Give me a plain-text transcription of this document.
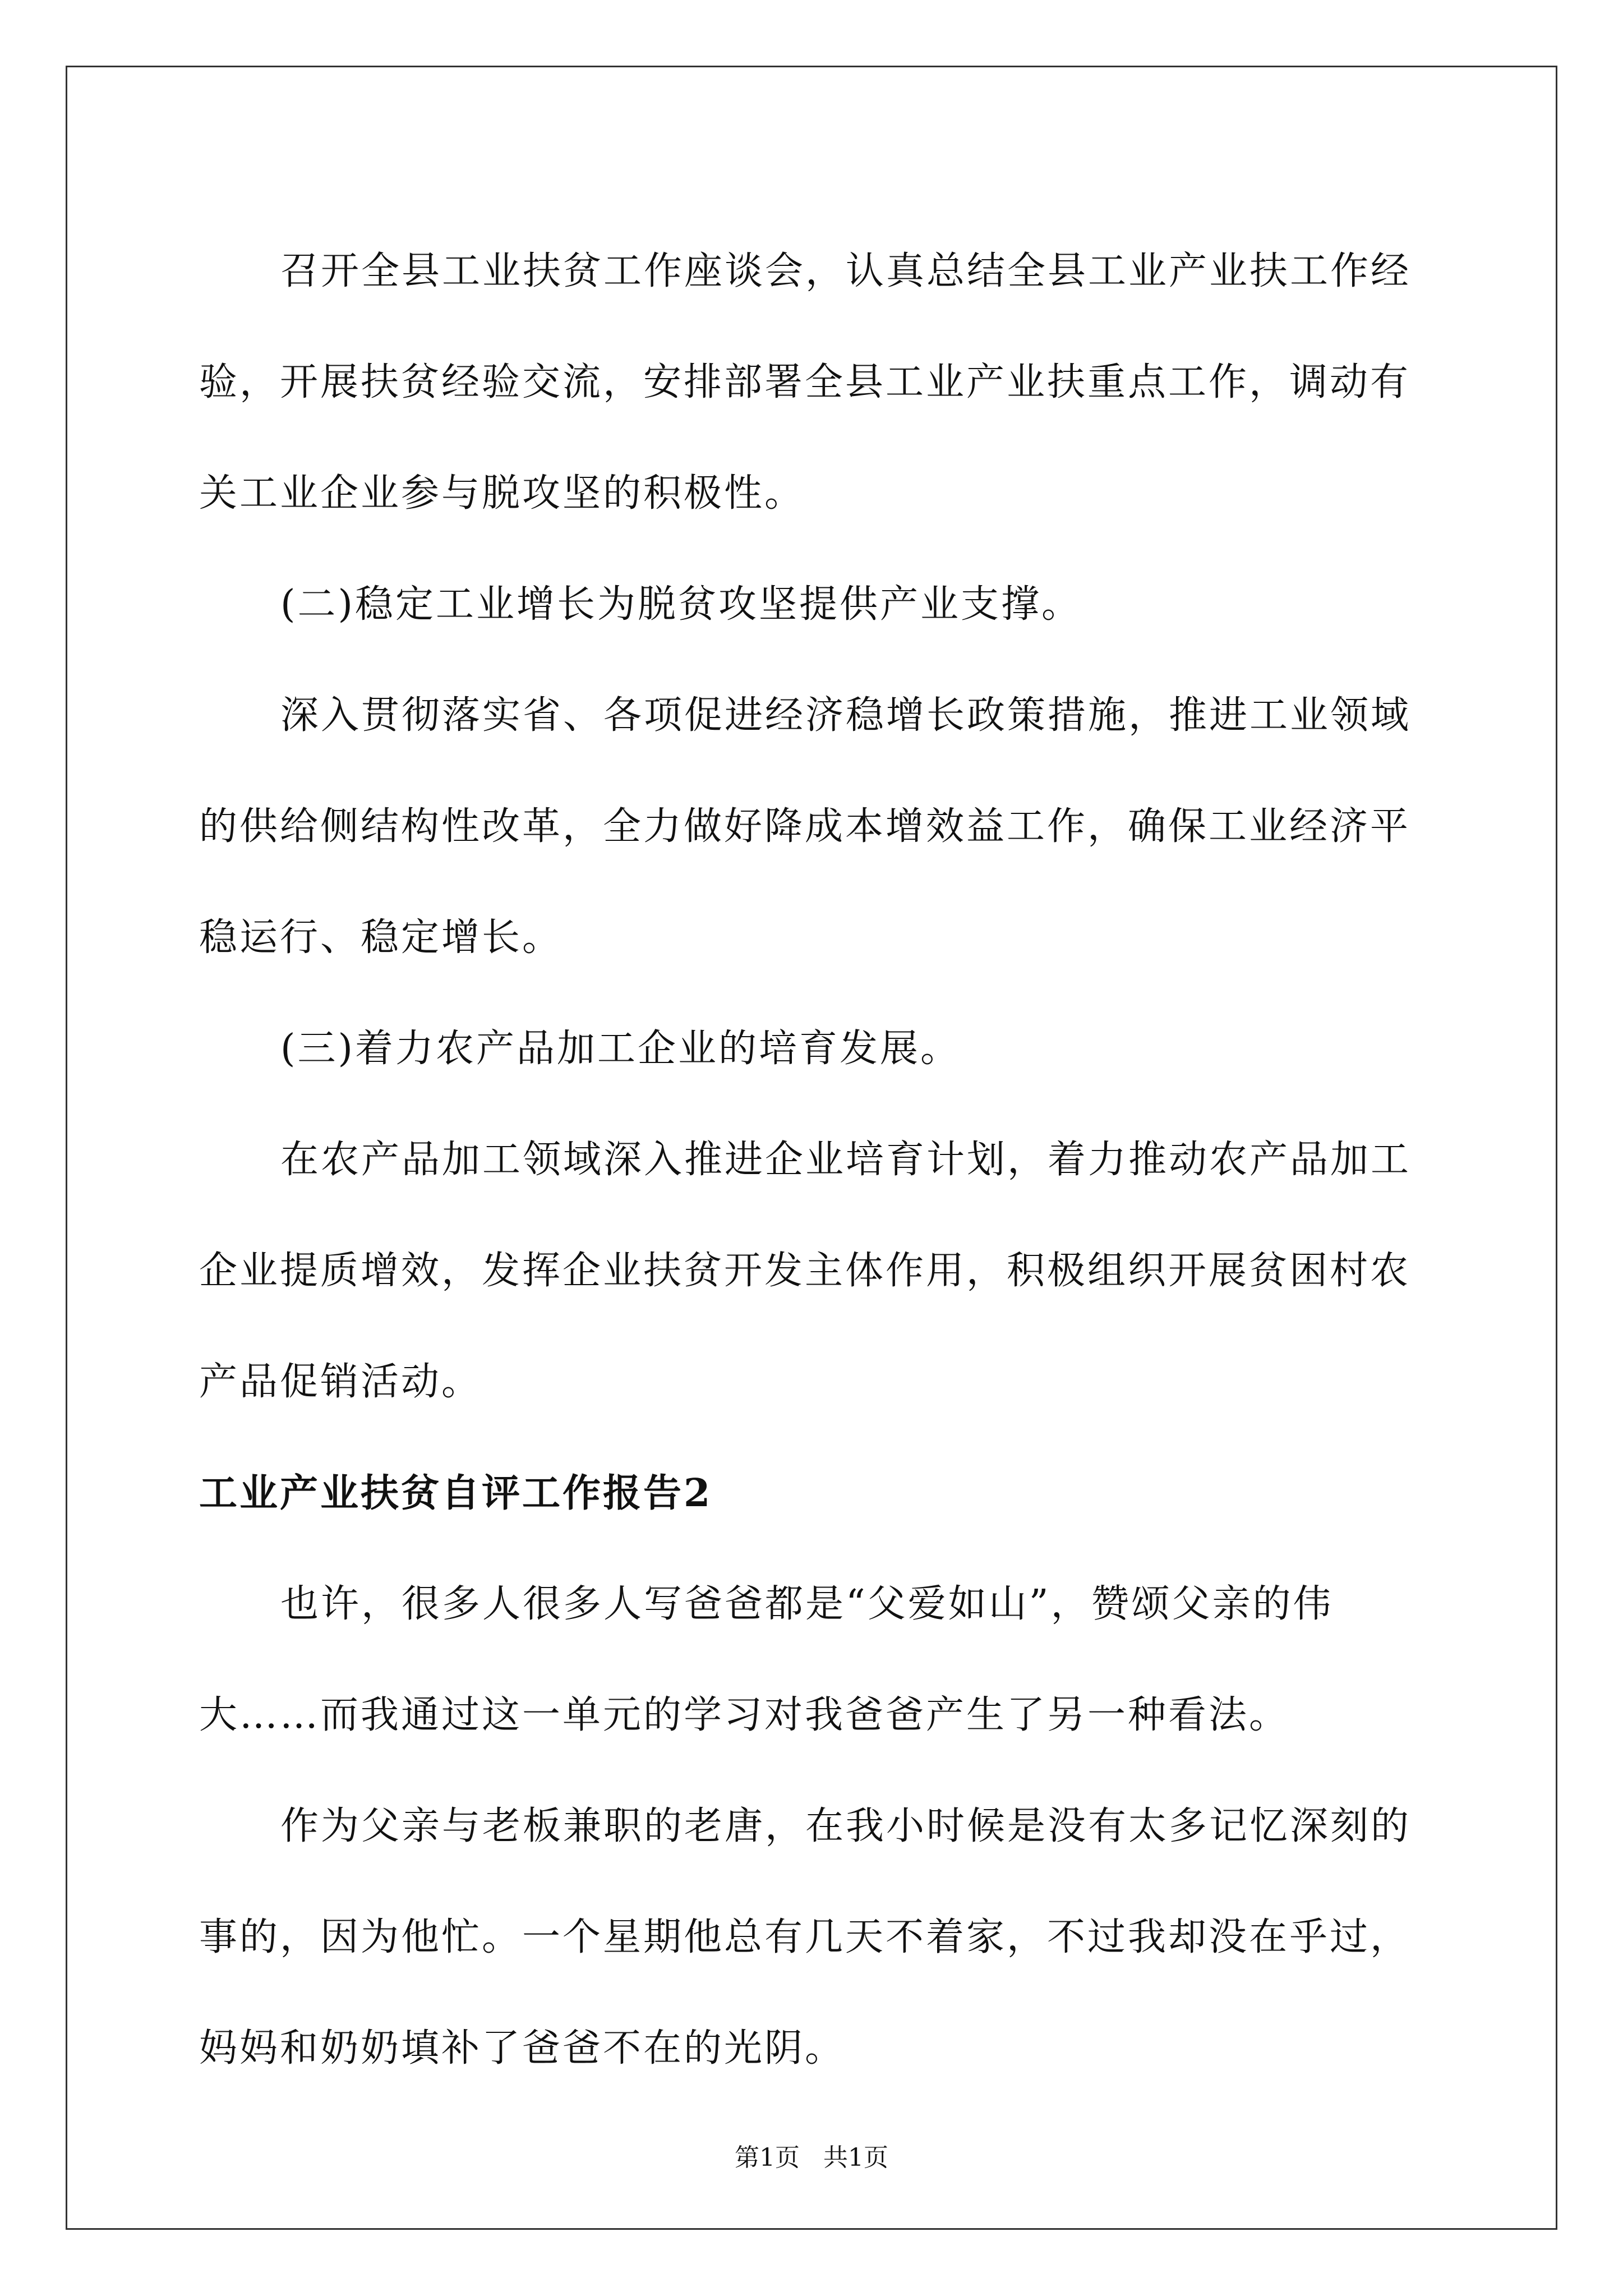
召开全县工业扶贫工作座谈会，认真总结全县工业产业扶工作经
验，开展扶贫经验交流，安排部署全县工业产业扶重点工作，调动有
关工业企业参与脱攻坚的积极性。

(二)稳定工业增长为脱贫攻坚提供产业支撑。

深入贯彻落实省、各项促进经济稳增长政策措施，推进工业领域
的供给侧结构性改革，全力做好降成本增效益工作，确保工业经济平
稳运行、稳定增长。

(三)着力农产品加工企业的培育发展。

在农产品加工领域深入推进企业培育计划，着力推动农产品加工
企业提质增效，发挥企业扶贫开发主体作用，积极组织开展贫困村农
产品促销活动。

工业产业扶贫自评工作报告2

也许，很多人很多人写爸爸都是“父爱如山”，赞颂父亲的伟
大……而我通过这一单元的学习对我爸爸产生了另一种看法。

作为父亲与老板兼职的老唐，在我小时候是没有太多记忆深刻的
事的，因为他忙。一个星期他总有几天不着家，不过我却没在乎过，
妈妈和奶奶填补了爸爸不在的光阴。

第1页 共1页
